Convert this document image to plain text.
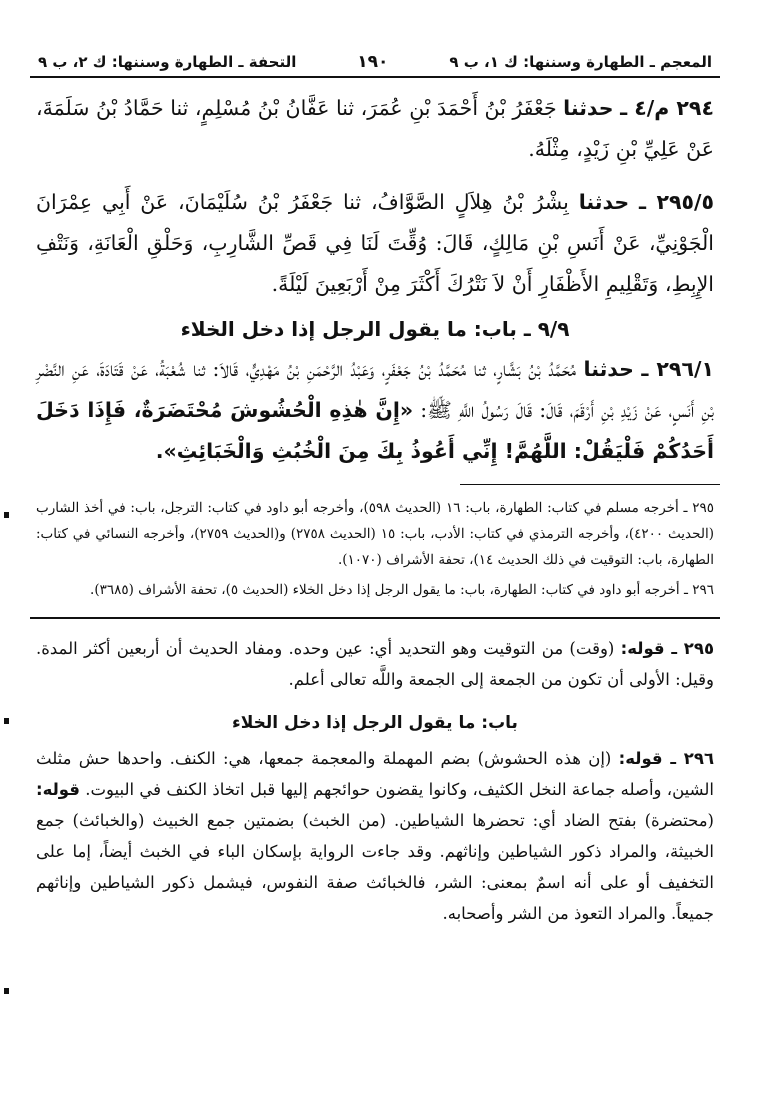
المعجم ـ الطهارة وسننها: ك ١، ب ٩
١٩٠
التحفة ـ الطهارة وسننها: ك ٢، ب ٩

٢٩٤ م/٤ ـ حدثنا جَعْفَرُ بْنُ أَحْمَدَ بْنِ عُمَرَ، ثنا عَفَّانُ بْنُ مُسْلِمٍ، ثنا حَمَّادُ بْنُ سَلَمَةَ، عَنْ عَلِيِّ بْنِ زَيْدٍ، مِثْلَهُ.

٢٩٥/٥ ـ حدثنا بِشْرُ بْنُ هِلاَلٍ الصَّوَّافُ، ثنا جَعْفَرُ بْنُ سُلَيْمَانَ، عَنْ أَبِي عِمْرَانَ الْجَوْنِيِّ، عَنْ أَنَسِ بْنِ مَالِكٍ، قَالَ: وُقِّتَ لَنَا فِي قَصِّ الشَّارِبِ، وَحَلْقِ الْعَانَةِ، وَنَتْفِ الإِبِطِ، وَتَقْلِيمِ الأَظْفَارِ أَنْ لاَ نَتْرُكَ أَكْثَرَ مِنْ أَرْبَعِينَ لَيْلَةً.

٩/٩ ـ باب: ما يقول الرجل إذا دخل الخلاء

٢٩٦/١ ـ حدثنا مُحَمَّدُ بْنُ بَشَّارٍ، ثنا مُحَمَّدُ بْنُ جَعْفَرٍ، وَعَبْدُ الرَّحْمَنِ بْنُ مَهْدِيٍّ، قَالاَ: ثنا شُعْبَةُ، عَنْ قَتَادَةَ، عَنِ النَّضْرِ بْنِ أَنَسٍ، عَنْ زَيْدِ بْنِ أَرْقَمَ، قَالَ: قَالَ رَسُولُ اللَّهِ ﷺ: «إِنَّ هٰذِهِ الْحُشُوشَ مُحْتَضَرَةٌ، فَإِذَا دَخَلَ أَحَدُكُمْ فَلْيَقُلْ: اللَّهُمَّ! إِنِّي أَعُوذُ بِكَ مِنَ الْخُبُثِ وَالْخَبَائِثِ».

٢٩٥ ـ أخرجه مسلم في كتاب: الطهارة، باب: ١٦ (الحديث ٥٩٨)، وأخرجه أبو داود في كتاب: الترجل، باب: في أخذ الشارب (الحديث ٤٢٠٠)، وأخرجه الترمذي في كتاب: الأدب، باب: ١٥ (الحديث ٢٧٥٨) و(الحديث ٢٧٥٩)، وأخرجه النسائي في كتاب: الطهارة، باب: التوقيت في ذلك الحديث ١٤)، تحفة الأشراف (١٠٧٠).
٢٩٦ ـ أخرجه أبو داود في كتاب: الطهارة، باب: ما يقول الرجل إذا دخل الخلاء (الحديث ٥)، تحفة الأشراف (٣٦٨٥).
٢٩٥ ـ قوله: (وقت) من التوقيت وهو التحديد أي: عين وحده. ومفاد الحديث أن أربعين أكثر المدة. وقيل: الأولى أن تكون من الجمعة إلى الجمعة واللَّه تعالى أعلم.
باب: ما يقول الرجل إذا دخل الخلاء
٢٩٦ ـ قوله: (إن هذه الحشوش) بضم المهملة والمعجمة جمعها، هي: الكنف. واحدها حش مثلث الشين، وأصله جماعة النخل الكثيف، وكانوا يقضون حوائجهم إليها قبل اتخاذ الكنف في البيوت. قوله: (محتضرة) بفتح الضاد أي: تحضرها الشياطين. (من الخبث) بضمتين جمع الخبيث (والخبائث) جمع الخبيثة، والمراد ذكور الشياطين وإناثهم. وقد جاءت الرواية بإسكان الباء في الخبث أيضاً، إما على التخفيف أو على أنه اسمٌ بمعنى: الشر، فالخبائث صفة النفوس، فيشمل ذكور الشياطين وإناثهم جميعاً. والمراد التعوذ من الشر وأصحابه.
